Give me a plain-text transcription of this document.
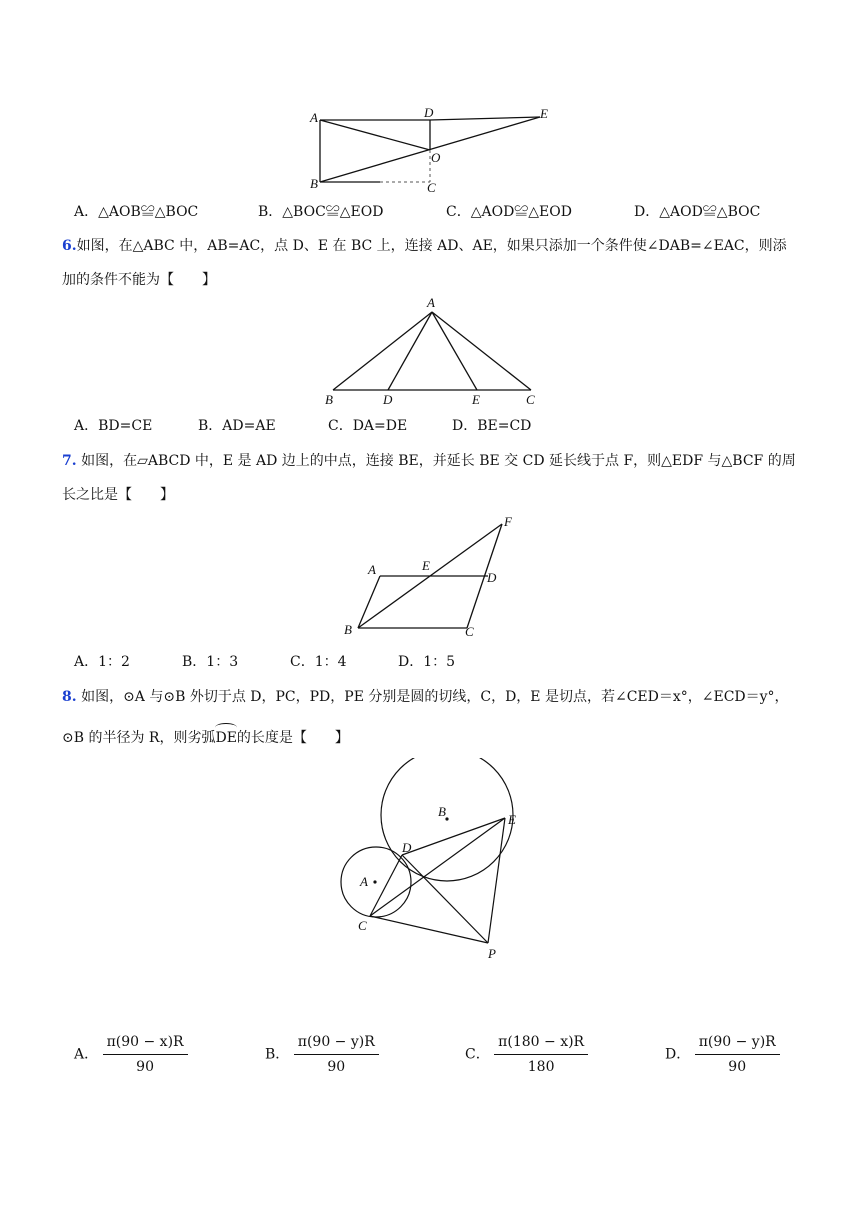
A
B	C
D	E
O
A．△AOB≌△BOC	B．△BOC≌△EOD	C．△AOD≌△EOD	D．△AOD≌△BOC
6.如图，在△ABC 中，AB=AC，点 D、E 在 BC 上，连接 AD、AE，如果只添加一个条件使∠DAB=∠EAC，则添
加的条件不能为【　　】
A
B	D	E	C
A．BD=CE	B．AD=AE	C．DA=DE	D．BE=CD
7. 如图，在▱ABCD 中，E 是 AD 边上的中点，连接 BE，并延长 BE 交 CD 延长线于点 F，则△EDF 与△BCF 的周
长之比是【　　】
A	E
D
F
B	C
A．1：2	B．1：3	C．1：4	D．1：5
8. 如图，⊙A 与⊙B 外切于点 D，PC，PD，PE 分别是圆的切线，C，D，E 是切点，若∠CED＝x°，∠ECD＝y°，
⊙B 的半径为 R，则劣弧DE的长度是【　　】
B
A
D
E
C
P
A． $\frac{\pi(90 - x)R}{90}$	B． $\frac{\pi(90 - y)R}{90}$	C． $\frac{\pi(180 - x)R}{180}$	D． $\frac{\pi(90 - y)R}{90}$
